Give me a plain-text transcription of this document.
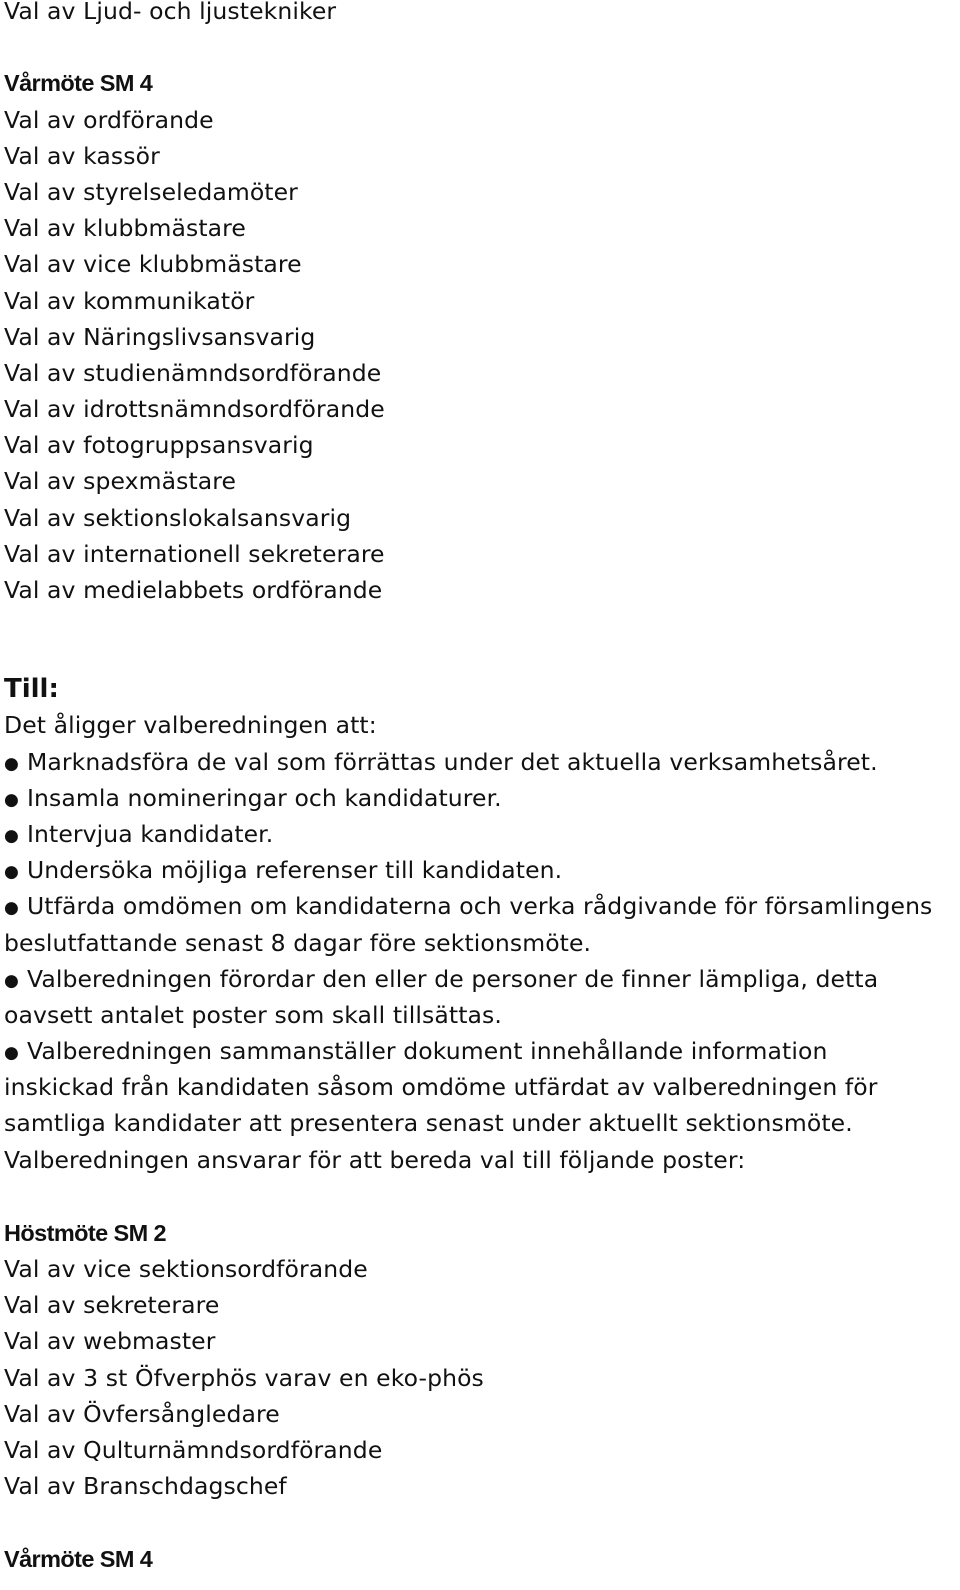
Val av Ljud- och ljustekniker
Vårmöte SM 4
Val av ordförande
Val av kassör
Val av styrelseledamöter
Val av klubbmästare
Val av vice klubbmästare
Val av kommunikatör
Val av Näringslivsansvarig
Val av studienämndsordförande
Val av idrottsnämndsordförande
Val av fotogruppsansvarig
Val av spexmästare
Val av sektionslokalsansvarig
Val av internationell sekreterare
Val av medielabbets ordförande
Till:
Det åligger valberedningen att:
● Marknadsföra de val som förrättas under det aktuella verksamhetsåret.
● Insamla nomineringar och kandidaturer.
● Intervjua kandidater.
● Undersöka möjliga referenser till kandidaten.
● Utfärda omdömen om kandidaterna och verka rådgivande för församlingens
beslutfattande senast 8 dagar före sektionsmöte.
● Valberedningen förordar den eller de personer de finner lämpliga, detta
oavsett antalet poster som skall tillsättas.
● Valberedningen sammanställer dokument innehållande information
inskickad från kandidaten såsom omdöme utfärdat av valberedningen för
samtliga kandidater att presentera senast under aktuellt sektionsmöte.
Valberedningen ansvarar för att bereda val till följande poster:
Höstmöte SM 2
Val av vice sektionsordförande
Val av sekreterare
Val av webmaster
Val av 3 st Öfverphös varav en eko-phös
Val av Övfersångledare
Val av Qulturnämndsordförande
Val av Branschdagschef
Vårmöte SM 4
